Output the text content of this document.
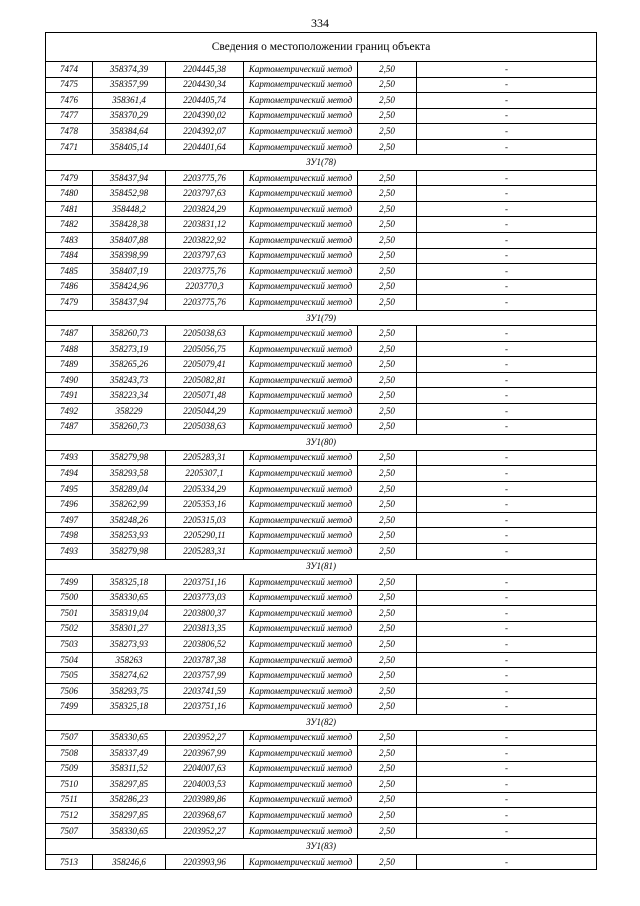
334
Сведения о местоположении границ объекта					
7474	358374,39	2204445,38	Картометрический метод	2,50	-
7475	358357,99	2204430,34	Картометрический метод	2,50	-
7476	358361,4	2204405,74	Картометрический метод	2,50	-
7477	358370,29	2204390,02	Картометрический метод	2,50	-
7478	358384,64	2204392,07	Картометрический метод	2,50	-
7471	358405,14	2204401,64	Картометрический метод	2,50	-
ЗУ1(78)					
7479	358437,94	2203775,76	Картометрический метод	2,50	-
7480	358452,98	2203797,63	Картометрический метод	2,50	-
7481	358448,2	2203824,29	Картометрический метод	2,50	-
7482	358428,38	2203831,12	Картометрический метод	2,50	-
7483	358407,88	2203822,92	Картометрический метод	2,50	-
7484	358398,99	2203797,63	Картометрический метод	2,50	-
7485	358407,19	2203775,76	Картометрический метод	2,50	-
7486	358424,96	2203770,3	Картометрический метод	2,50	-
7479	358437,94	2203775,76	Картометрический метод	2,50	-
ЗУ1(79)					
7487	358260,73	2205038,63	Картометрический метод	2,50	-
7488	358273,19	2205056,75	Картометрический метод	2,50	-
7489	358265,26	2205079,41	Картометрический метод	2,50	-
7490	358243,73	2205082,81	Картометрический метод	2,50	-
7491	358223,34	2205071,48	Картометрический метод	2,50	-
7492	358229	2205044,29	Картометрический метод	2,50	-
7487	358260,73	2205038,63	Картометрический метод	2,50	-
ЗУ1(80)					
7493	358279,98	2205283,31	Картометрический метод	2,50	-
7494	358293,58	2205307,1	Картометрический метод	2,50	-
7495	358289,04	2205334,29	Картометрический метод	2,50	-
7496	358262,99	2205353,16	Картометрический метод	2,50	-
7497	358248,26	2205315,03	Картометрический метод	2,50	-
7498	358253,93	2205290,11	Картометрический метод	2,50	-
7493	358279,98	2205283,31	Картометрический метод	2,50	-
ЗУ1(81)					
7499	358325,18	2203751,16	Картометрический метод	2,50	-
7500	358330,65	2203773,03	Картометрический метод	2,50	-
7501	358319,04	2203800,37	Картометрический метод	2,50	-
7502	358301,27	2203813,35	Картометрический метод	2,50	-
7503	358273,93	2203806,52	Картометрический метод	2,50	-
7504	358263	2203787,38	Картометрический метод	2,50	-
7505	358274,62	2203757,99	Картометрический метод	2,50	-
7506	358293,75	2203741,59	Картометрический метод	2,50	-
7499	358325,18	2203751,16	Картометрический метод	2,50	-
ЗУ1(82)					
7507	358330,65	2203952,27	Картометрический метод	2,50	-
7508	358337,49	2203967,99	Картометрический метод	2,50	-
7509	358311,52	2204007,63	Картометрический метод	2,50	-
7510	358297,85	2204003,53	Картометрический метод	2,50	-
7511	358286,23	2203989,86	Картометрический метод	2,50	-
7512	358297,85	2203968,67	Картометрический метод	2,50	-
7507	358330,65	2203952,27	Картометрический метод	2,50	-
ЗУ1(83)					
7513	358246,6	2203993,96	Картометрический метод	2,50	-
